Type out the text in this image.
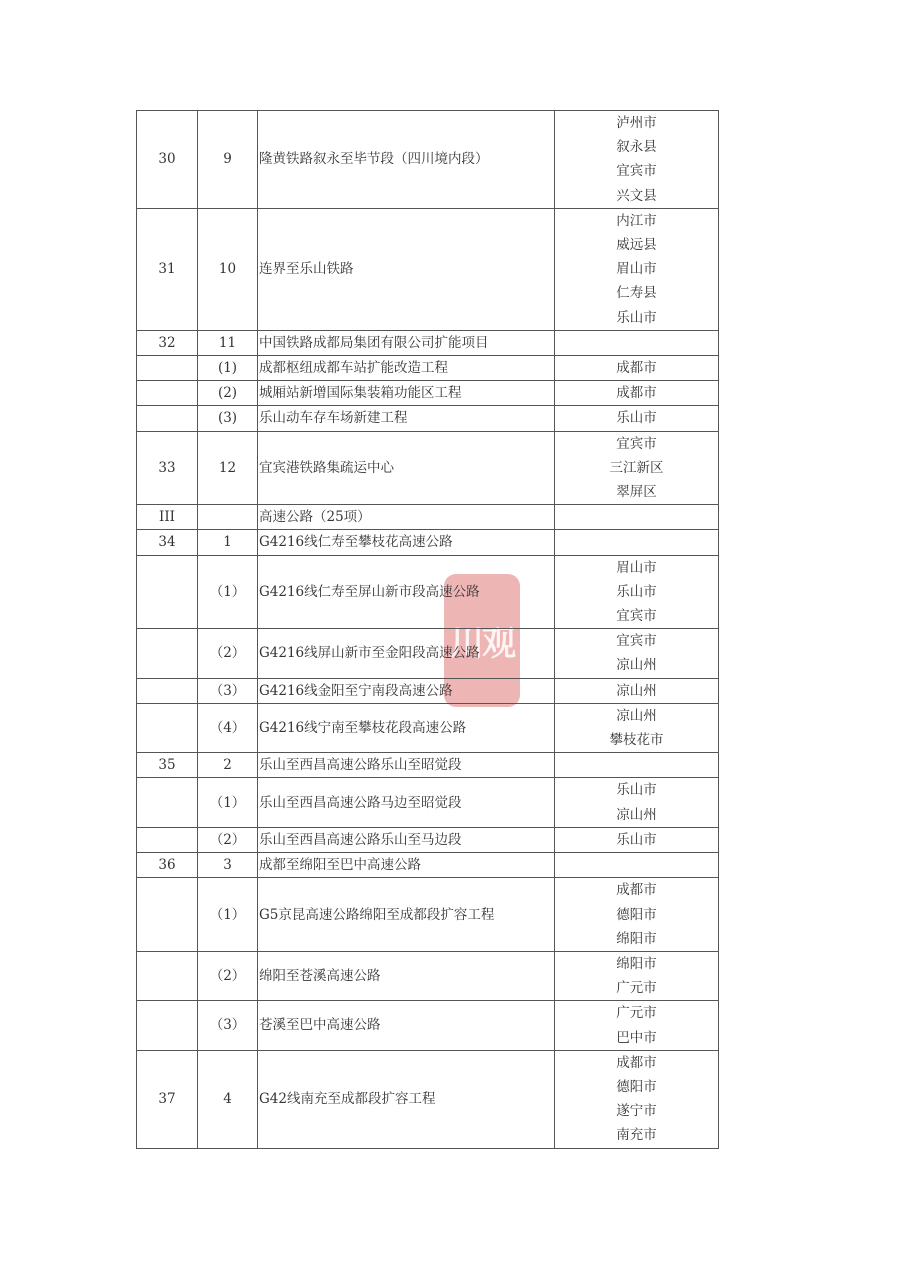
川观
30	9	隆黄铁路叙永至毕节段（四川境内段）	泸州市
叙永县
宜宾市
兴文县

31	10	连界至乐山铁路	内江市
威远县
眉山市
仁寿县
乐山市

32	11	中国铁路成都局集团有限公司扩能项目	
	(1)	成都枢纽成都车站扩能改造工程	成都市

	(2)	城厢站新增国际集装箱功能区工程	成都市

	(3)	乐山动车存车场新建工程	乐山市

33	12	宜宾港铁路集疏运中心	宜宾市
三江新区
翠屏区

III		高速公路（25项）	
34	1	G4216线仁寿至攀枝花高速公路	
	（1）	G4216线仁寿至屏山新市段高速公路	眉山市
乐山市
宜宾市

	（2）	G4216线屏山新市至金阳段高速公路	宜宾市
凉山州

	（3）	G4216线金阳至宁南段高速公路	凉山州

	（4）	G4216线宁南至攀枝花段高速公路	凉山州
攀枝花市

35	2	乐山至西昌高速公路乐山至昭觉段	
	（1）	乐山至西昌高速公路马边至昭觉段	乐山市
凉山州

	（2）	乐山至西昌高速公路乐山至马边段	乐山市

36	3	成都至绵阳至巴中高速公路	
	（1）	G5京昆高速公路绵阳至成都段扩容工程	成都市
德阳市
绵阳市

	（2）	绵阳至苍溪高速公路	绵阳市
广元市

	（3）	苍溪至巴中高速公路	广元市
巴中市

37	4	G42线南充至成都段扩容工程	成都市
德阳市
遂宁市
南充市
